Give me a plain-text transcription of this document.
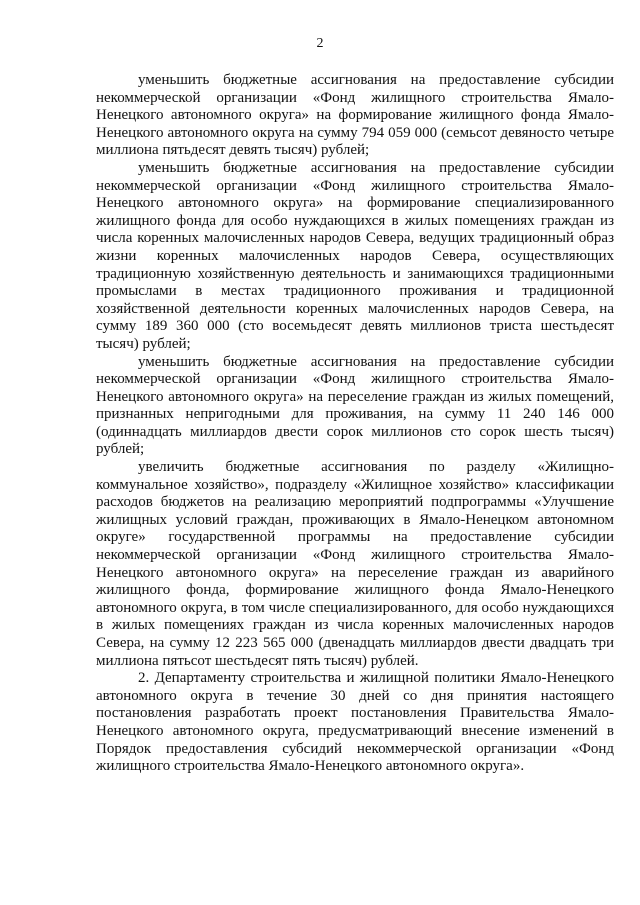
2

уменьшить бюджетные ассигнования на предоставление субсидии некоммерческой организации «Фонд жилищного строительства Ямало-Ненецкого автономного округа» на формирование жилищного фонда Ямало-Ненецкого автономного округа на сумму 794 059 000 (семьсот девяносто четыре миллиона пятьдесят девять тысяч) рублей;

уменьшить бюджетные ассигнования на предоставление субсидии некоммерческой организации «Фонд жилищного строительства Ямало-Ненецкого автономного округа» на формирование специализированного жилищного фонда для особо нуждающихся в жилых помещениях граждан из числа коренных малочисленных народов Севера, ведущих традиционный образ жизни коренных малочисленных народов Севера, осуществляющих традиционную хозяйственную деятельность и занимающихся традиционными промыслами в местах традиционного проживания и традиционной хозяйственной деятельности коренных малочисленных народов Севера, на сумму 189 360 000 (сто восемьдесят девять миллионов триста шестьдесят тысяч) рублей;

уменьшить бюджетные ассигнования на предоставление субсидии некоммерческой организации «Фонд жилищного строительства Ямало-Ненецкого автономного округа» на переселение граждан из жилых помещений, признанных непригодными для проживания, на сумму 11 240 146 000 (одиннадцать миллиардов двести сорок миллионов сто сорок шесть тысяч) рублей;

увеличить бюджетные ассигнования по разделу «Жилищно-коммунальное хозяйство», подразделу «Жилищное хозяйство» классификации расходов бюджетов на реализацию мероприятий подпрограммы «Улучшение жилищных условий граждан, проживающих в Ямало-Ненецком автономном округе» государственной программы на предоставление субсидии некоммерческой организации «Фонд жилищного строительства Ямало-Ненецкого автономного округа» на переселение граждан из аварийного жилищного фонда, формирование жилищного фонда Ямало-Ненецкого автономного округа, в том числе специализированного, для особо нуждающихся в жилых помещениях граждан из числа коренных малочисленных народов Севера, на сумму 12 223 565 000 (двенадцать миллиардов двести двадцать три миллиона пятьсот шестьдесят пять тысяч) рублей.

2. Департаменту строительства и жилищной политики Ямало-Ненецкого автономного округа в течение 30 дней со дня принятия настоящего постановления разработать проект постановления Правительства Ямало-Ненецкого автономного округа, предусматривающий внесение изменений в Порядок предоставления субсидий некоммерческой организации «Фонд жилищного строительства Ямало-Ненецкого автономного округа».
